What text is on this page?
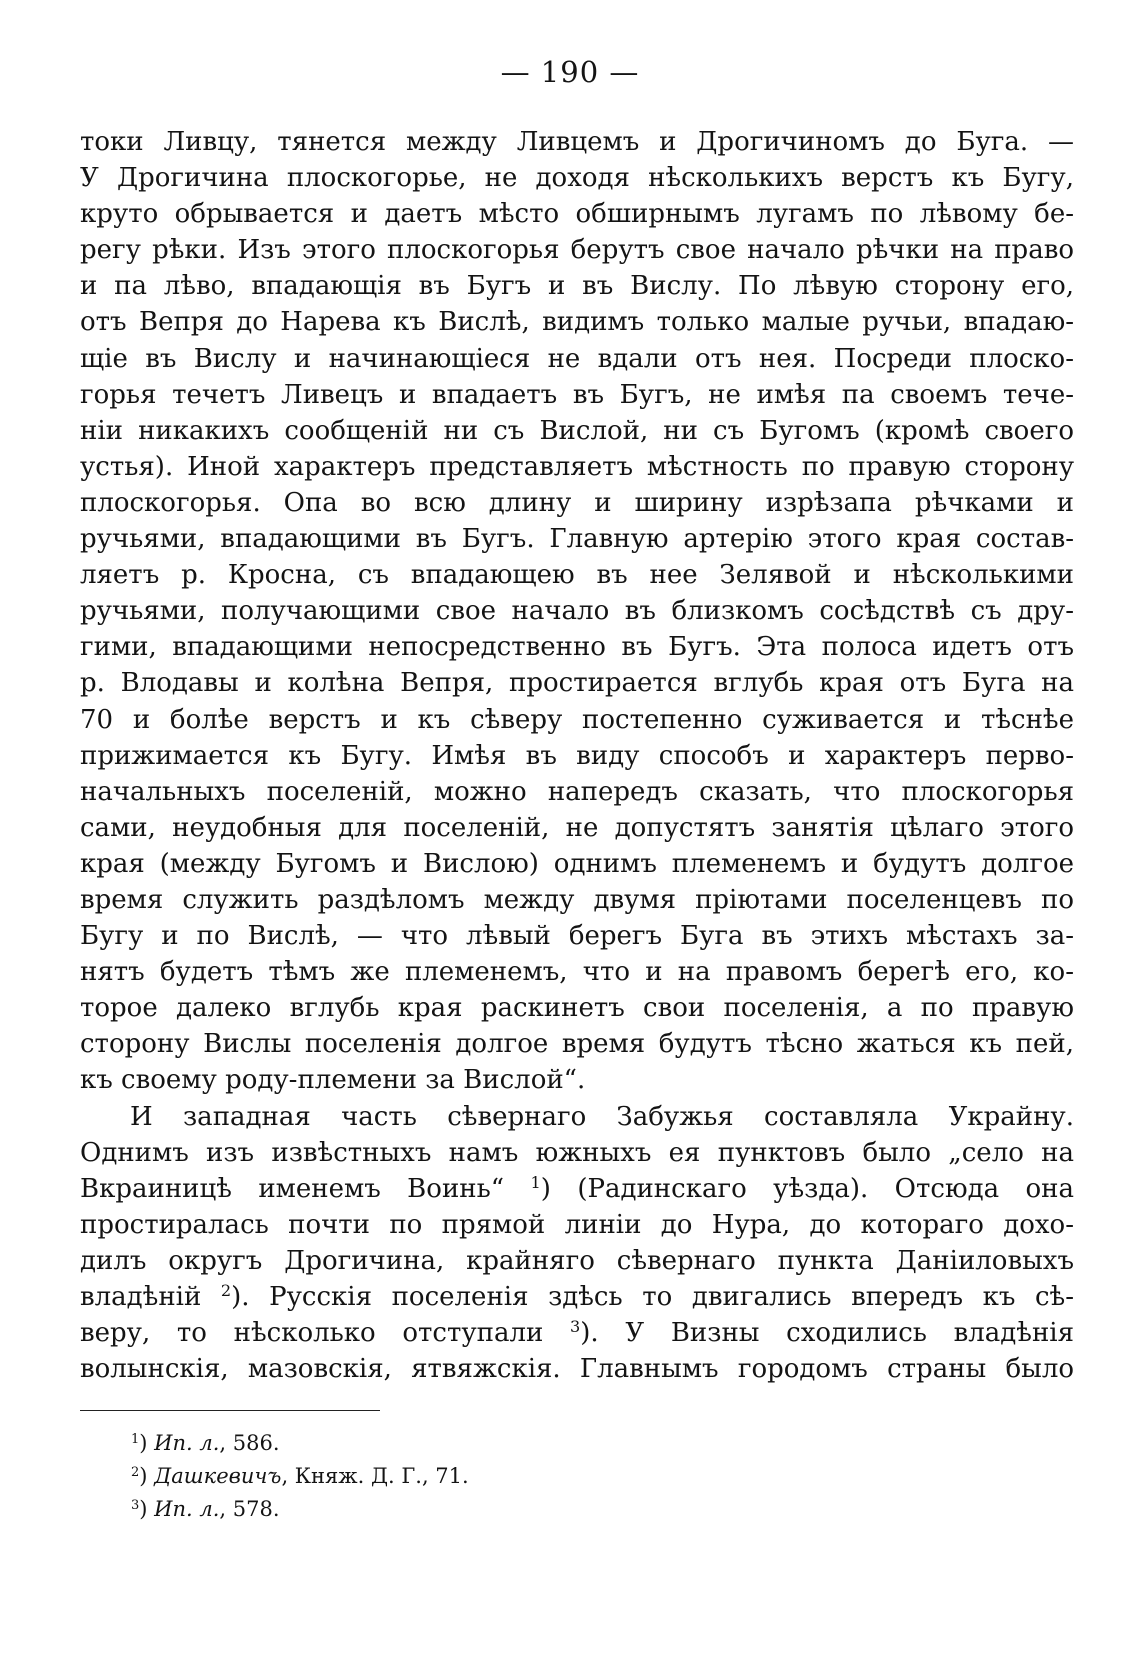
— 190 —
токи Ливцу, тянется между Ливцемъ и Дрогичиномъ до Буга. —
У Дрогичина плоскогорье, не доходя нѣсколькихъ верстъ къ Бугу,
круто обрывается и даетъ мѣсто обширнымъ лугамъ по лѣвому бе-
регу рѣки. Изъ этого плоскогорья берутъ свое начало рѣчки на право
и па лѣво, впадающія въ Бугъ и въ Вислу. По лѣвую сторону его,
отъ Вепря до Нарева къ Вислѣ, видимъ только малые ручьи, впадаю-
щіе въ Вислу и начинающіеся не вдали отъ нея. Посреди плоско-
горья течетъ Ливецъ и впадаетъ въ Бугъ, не имѣя па своемъ тече-
ніи никакихъ сообщеній ни съ Вислой, ни съ Бугомъ (кромѣ своего
устья). Иной характеръ представляетъ мѣстность по правую сторону
плоскогорья. Опа во всю длину и ширину изрѣзапа рѣчками и
ручьями, впадающими въ Бугъ. Главную артерію этого края состав-
ляетъ р. Кросна, съ впадающею въ нее Зелявой и нѣсколькими
ручьями, получающими свое начало въ близкомъ сосѣдствѣ съ дру-
гими, впадающими непосредственно въ Бугъ. Эта полоса идетъ отъ
р. Влодавы и колѣна Вепря, простирается вглубь края отъ Буга на
70 и болѣе верстъ и къ сѣверу постепенно суживается и тѣснѣе
прижимается къ Бугу. Имѣя въ виду способъ и характеръ перво-
начальныхъ поселеній, можно напередъ сказать, что плоскогорья
сами, неудобныя для поселеній, не допустятъ занятія цѣлаго этого
края (между Бугомъ и Вислою) однимъ племенемъ и будутъ долгое
время служить раздѣломъ между двумя пріютами поселенцевъ по
Бугу и по Вислѣ, — что лѣвый берегъ Буга въ этихъ мѣстахъ за-
нятъ будетъ тѣмъ же племенемъ, что и на правомъ берегѣ его, ко-
торое далеко вглубь края раскинетъ свои поселенія, а по правую
сторону Вислы поселенія долгое время будутъ тѣсно жаться къ пей,
къ своему роду-племени за Вислой“.
И западная часть сѣвернаго Забужья составляла Украйну.
Однимъ изъ извѣстныхъ намъ южныхъ ея пунктовъ было „село на
Вкраиницѣ именемъ Воинь“ $^1$) (Радинскаго уѣзда). Отсюда она
простиралась почти по прямой линіи до Нура, до котораго дохо-
дилъ округъ Дрогичина, крайняго сѣвернаго пункта Даніиловыхъ
владѣній $^2$). Русскія поселенія здѣсь то двигались впередъ къ сѣ-
веру, то нѣсколько отступали $^3$). У Визны сходились владѣнія
волынскія, мазовскія, ятвяжскія. Главнымъ городомъ страны было
$^1$) Ип. л., 586.
$^2$) Дашкевичъ, Княж. Д. Г., 71.
$^3$) Ип. л., 578.
